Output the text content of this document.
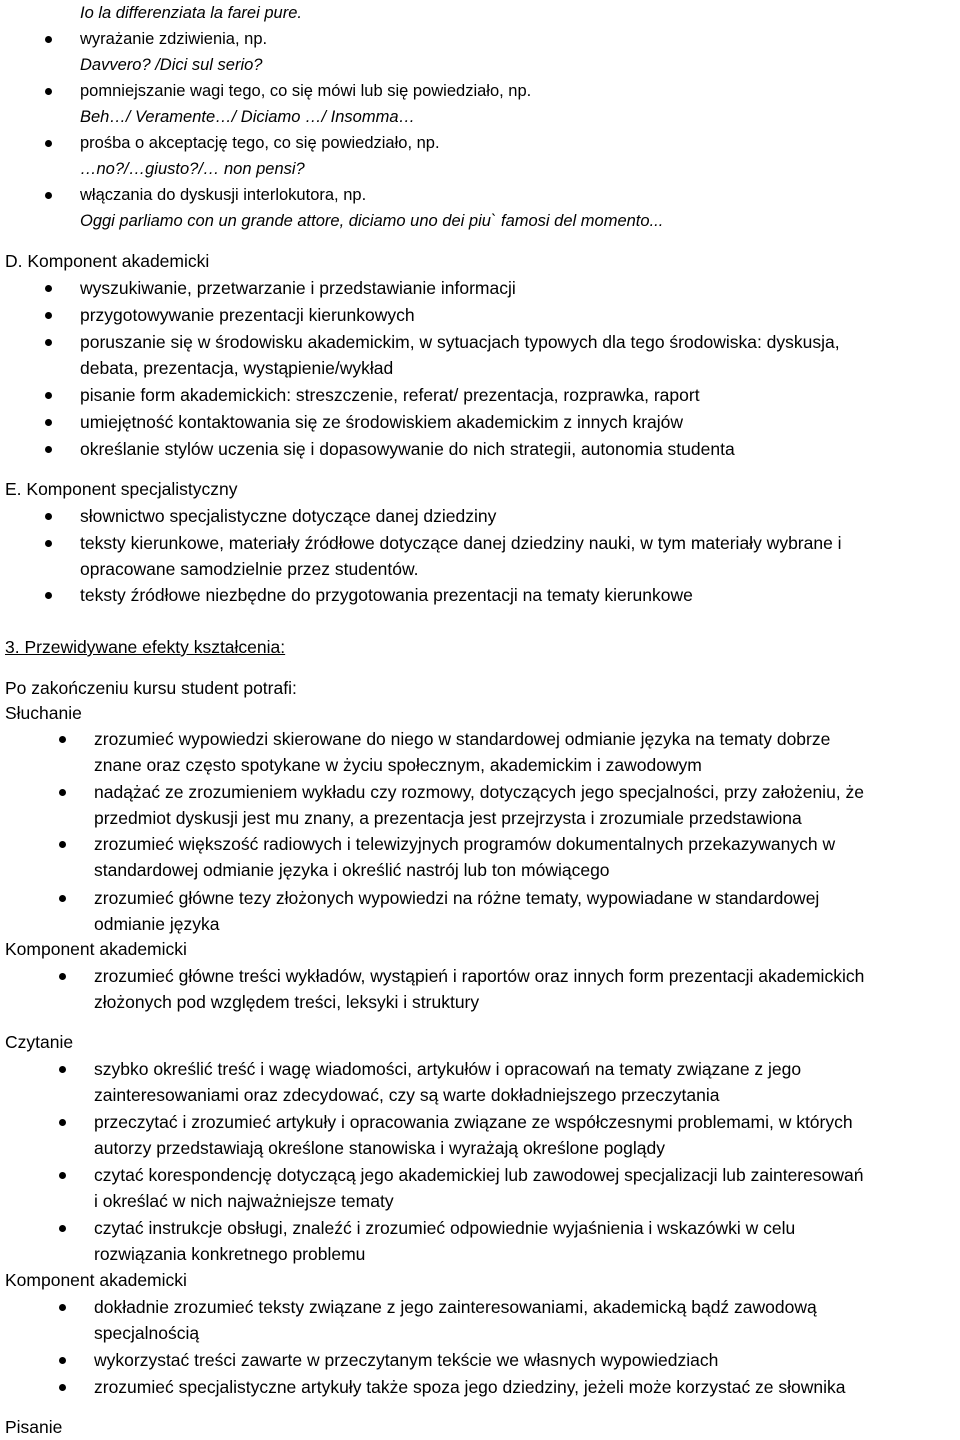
Io la differenziata la farei pure.
wyrażanie zdziwienia, np.
Davvero? /Dici sul serio?
pomniejszanie wagi tego, co się mówi lub się powiedziało, np.
Beh…/ Veramente…/ Diciamo …/ Insomma…
prośba o akceptację tego, co się powiedziało, np.
…no?/…giusto?/… non pensi?
włączania do dyskusji interlokutora, np.
Oggi parliamo con un grande attore, diciamo uno dei piu` famosi del momento...
D. Komponent akademicki
wyszukiwanie, przetwarzanie i przedstawianie informacji
przygotowywanie prezentacji kierunkowych
poruszanie się w środowisku akademickim, w sytuacjach typowych dla tego środowiska: dyskusja,
debata, prezentacja, wystąpienie/wykład
pisanie form akademickich: streszczenie, referat/ prezentacja, rozprawka, raport
umiejętność kontaktowania się ze środowiskiem akademickim z innych krajów
określanie stylów uczenia się i dopasowywanie do nich strategii, autonomia studenta
E. Komponent specjalistyczny
słownictwo specjalistyczne dotyczące danej dziedziny
teksty kierunkowe, materiały źródłowe dotyczące danej dziedziny nauki, w tym materiały wybrane i
opracowane samodzielnie przez studentów.
teksty źródłowe niezbędne do przygotowania prezentacji na tematy kierunkowe
3. Przewidywane efekty kształcenia:
Po zakończeniu kursu student potrafi:
Słuchanie
zrozumieć wypowiedzi skierowane do niego w standardowej odmianie języka na tematy dobrze
znane oraz często spotykane w życiu społecznym, akademickim i zawodowym
nadążać ze zrozumieniem wykładu czy rozmowy, dotyczących jego specjalności, przy założeniu, że
przedmiot dyskusji jest mu znany, a prezentacja jest przejrzysta i zrozumiale przedstawiona
zrozumieć większość radiowych i telewizyjnych programów dokumentalnych przekazywanych w
standardowej odmianie języka i określić nastrój lub ton mówiącego
zrozumieć główne tezy złożonych wypowiedzi na różne tematy, wypowiadane w standardowej
odmianie języka
Komponent akademicki
zrozumieć główne treści wykładów, wystąpień i raportów oraz innych form prezentacji akademickich
złożonych pod względem treści, leksyki i struktury
Czytanie
szybko określić treść i wagę wiadomości, artykułów i opracowań na tematy związane z jego
zainteresowaniami oraz zdecydować, czy są warte dokładniejszego przeczytania
przeczytać i zrozumieć artykuły i opracowania związane ze współczesnymi problemami, w których
autorzy przedstawiają określone stanowiska i wyrażają określone poglądy
czytać korespondencję dotyczącą jego akademickiej lub zawodowej specjalizacji lub zainteresowań
i określać w nich najważniejsze tematy
czytać instrukcje obsługi, znaleźć i zrozumieć odpowiednie wyjaśnienia i wskazówki w celu
rozwiązania konkretnego problemu
Komponent akademicki
dokładnie zrozumieć teksty związane z jego zainteresowaniami, akademicką bądź zawodową
specjalnością
wykorzystać treści zawarte w przeczytanym tekście we własnych wypowiedziach
zrozumieć specjalistyczne artykuły także spoza jego dziedziny, jeżeli może korzystać ze słownika
Pisanie
